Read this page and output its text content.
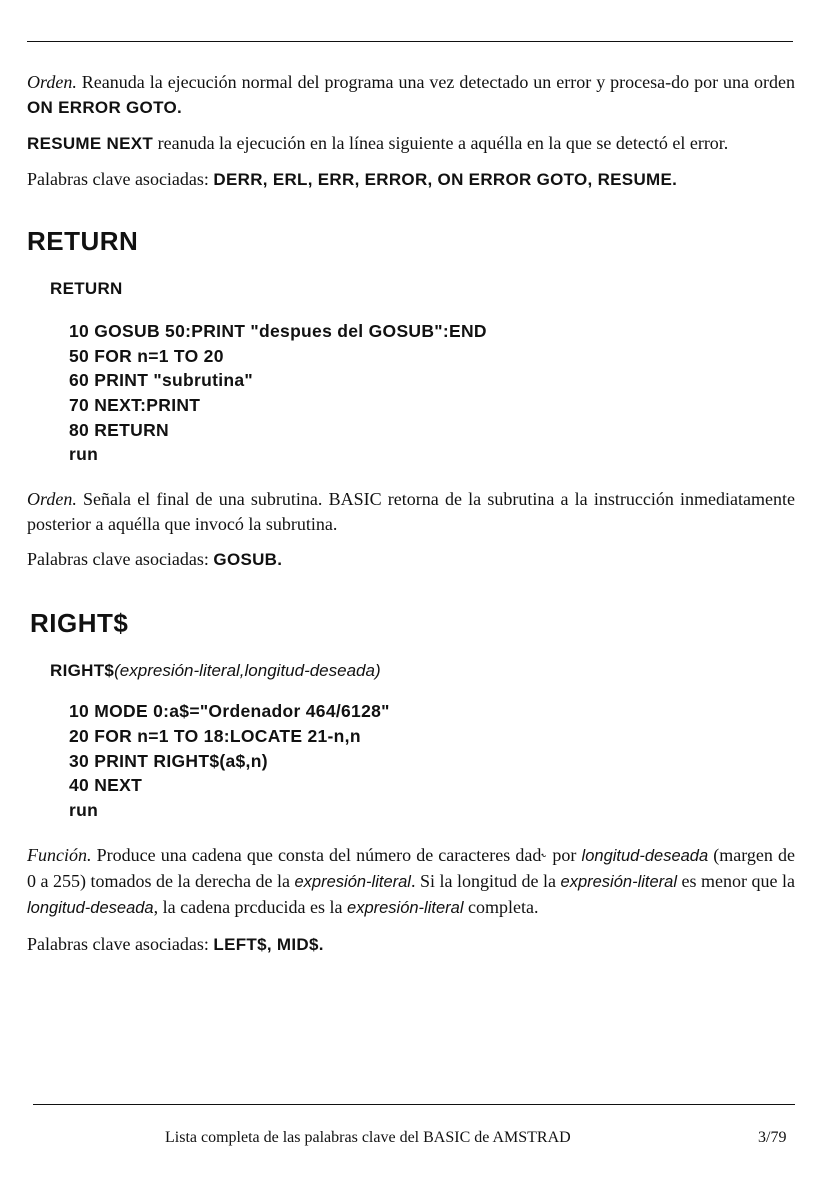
Orden. Reanuda la ejecución normal del programa una vez detectado un error y procesa-do por una orden ON ERROR GOTO.

RESUME NEXT reanuda la ejecución en la línea siguiente a aquélla en la que se detectó el error.

Palabras clave asociadas: DERR, ERL, ERR, ERROR, ON ERROR GOTO, RESUME.

RETURN
RETURN
10 GOSUB 50:PRINT "despues del GOSUB":END
50 FOR n=1 TO 20
60 PRINT "subrutina"
70 NEXT:PRINT
80 RETURN
run

Orden. Señala el final de una subrutina. BASIC retorna de la subrutina a la instrucción inmediatamente posterior a aquélla que invocó la subrutina.

Palabras clave asociadas: GOSUB.

RIGHT$
RIGHT$(expresión-literal,longitud-deseada)
10 MODE 0:a$="Ordenador 464/6128"
20 FOR n=1 TO 18:LOCATE 21-n,n
30 PRINT RIGHT$(a$,n)
40 NEXT
run

Función. Produce una cadena que consta del número de caracteres dad˞ por longitud-deseada (margen de 0 a 255) tomados de la derecha de la expresión-literal. Si la longitud de la expresión-literal es menor que la longitud-deseada, la cadena prcducida es la expresión-literal completa.

Palabras clave asociadas: LEFT$, MID$.

Lista completa de las palabras clave del BASIC de AMSTRAD	3/79
